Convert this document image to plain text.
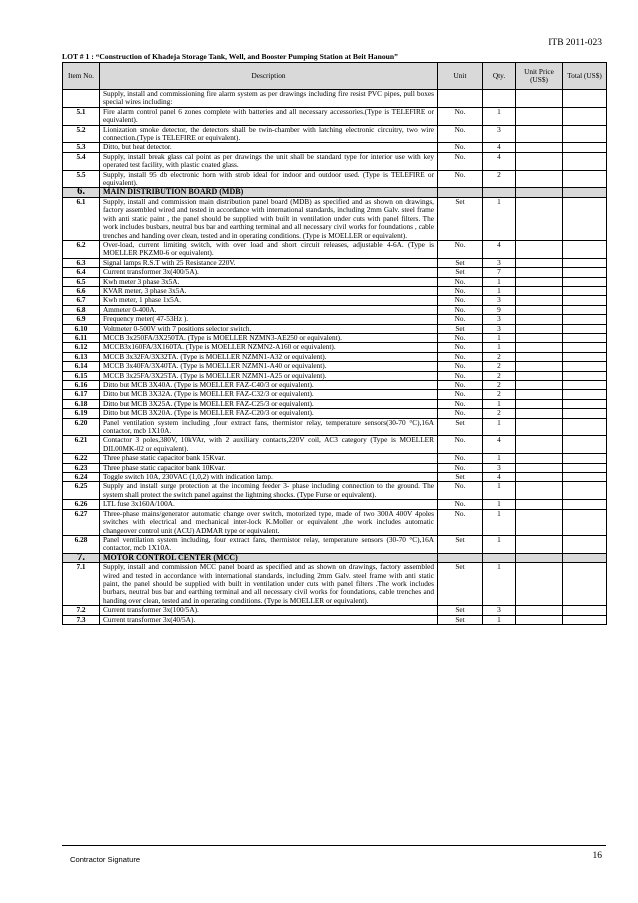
ITB 2011-023
LOT # 1 : “Construction of Khadeja Storage Tank, Well, and Booster Pumping Station at Beit Hanoun”
Item No.	Description	Unit	Qty.	Unit Price (US$)	Total (US$)
	Supply, install and commissioning fire alarm system as per drawings including fire resist PVC pipes, pull boxes special wires including:				
5.1	Fire alarm control panel 6 zones complete with batteries and all necessary accessories.(Type is TELEFIRE or equivalent).	No.	1		
5.2	Lionization smoke detector, the detectors shall be twin-chamber with latching electronic circuitry, two wire connection.(Type is TELEFIRE or equivalent).	No.	3		
5.3	Ditto, but heat detector.	No.	4		
5.4	Supply, install break glass cal point as per drawings the unit shall be standard type for interior use with key operated test facility, with plastic coated glass.	No.	4		
5.5	Supply, install 95 db electronic horn with strob ideal for indoor and outdoor used. (Type is TELEFIRE or equivalent).	No.	2		
6.	MAIN DISTRIBUTION BOARD (MDB)				
6.1	Supply, install and commission main distribution panel board (MDB) as specified and as shown on drawings, factory assembled wired and tested in accordance with international standards, including 2mm Galv. steel frame with anti static paint , the panel should be supplied with built in ventilation under cuts with panel filters. The work includes busbars, neutral bus bar and earthing terminal and all necessary civil works for foundations , cable trenches and handing over clean, tested and in operating conditions. (Type is MOELLER or equivalent).	Set	1		
6.2	Over-load, current limiting switch, with over load and short circuit releases, adjustable 4-6A. (Type is MOELLER PKZM0-6 or equivalent).	No.	4		
6.3	Signal lamps R.S.T with 25 Resistance 220V.	Set	3		
6.4	Current transformer 3x(400/5A).	Set	7		
6.5	Kwh meter 3 phase 3x5A.	No.	1		
6.6	KVAR meter, 3 phase 3x5A.	No.	1		
6.7	Kwh meter, 1 phase 1x5A.	No.	3		
6.8	Ammeter 0-400A.	No.	9		
6.9	Frequency meter( 47-53Hz ).	No.	3		
6.10	Voltmeter 0-500V with 7 positions selector switch.	Set	3		
6.11	MCCB 3x250FA/3X250TA. (Type is MOELLER NZMN3-AE250 or equivalent).	No.	1		
6.12	MCCB3x160FA/3X160TA. (Type is MOELLER NZMN2-A160 or equivalent).	No.	1		
6.13	MCCB 3x32FA/3X32TA. (Type is MOELLER NZMN1-A32 or equivalent).	No.	2		
6.14	MCCB 3x40FA/3X40TA. (Type is MOELLER NZMN1-A40 or equivalent).	No.	2		
6.15	MCCB 3x25FA/3X25TA. (Type is MOELLER NZMN1-A25 or equivalent).	No.	2		
6.16	Ditto but MCB 3X40A. (Type is MOELLER FAZ-C40/3 or equivalent).	No.	2		
6.17	Ditto but MCB 3X32A. (Type is MOELLER FAZ-C32/3 or equivalent).	No.	2		
6.18	Ditto but MCB 3X25A. (Type is MOELLER FAZ-C25/3 or equivalent).	No.	1		
6.19	Ditto but MCB 3X20A. (Type is MOELLER FAZ-C20/3 or equivalent).	No.	2		
6.20	Panel ventilation system including ,four extract fans, thermistor relay, temperature sensors(30-70 °C),16A contactor, mcb 1X10A.	Set	1		
6.21	Contactor 3 poles,380V, 10kVAr, with 2 auxiliary contacts,220V coil, AC3 category (Type is MOELLER DIL00MK-02 or equivalent).	No.	4		
6.22	Three phase static capacitor bank 15Kvar.	No.	1		
6.23	Three phase static capacitor bank 10Kvar.	No.	3		
6.24	Toggle switch 10A, 230VAC (1,0,2) with indication lamp.	Set	4		
6.25	Supply and install surge protection at the incoming feeder 3- phase including connection to the ground. The system shall protect the switch panel against the lightning shocks. (Type Furse or equivalent).	No.	1		
6.26	LTL fuse 3x160A/100A.	No.	1		
6.27	Three-phase mains/generator automatic change over switch, motorized type, made of two 300A 400V 4poles switches with electrical and mechanical inter-lock K.Moller or equivalent ,the work includes automatic changeover control unit (ACU) ADMAR type or equivalent.	No.	1		
6.28	Panel ventilation system including, four extract fans, thermistor relay, temperature sensors (30-70 °C),16A contactor, mcb 1X10A.	Set	1		
7.	MOTOR CONTROL CENTER (MCC)				
7.1	Supply, install and commission MCC panel board as specified and as shown on drawings, factory assembled wired and tested in accordance with international standards, including 2mm Galv. steel frame with anti static paint, the panel should be supplied with built in ventilation under cuts with panel filters .The work includes burbars, neutral bus bar and earthing terminal and all necessary civil works for foundations, cable trenches and handing over clean, tested and in operating conditions. (Type is MOELLER or equivalent).	Set	1		
7.2	Current transformer 3x(100/5A).	Set	3		
7.3	Current transformer 3x(40/5A).	Set	1		
Contractor Signature	16
